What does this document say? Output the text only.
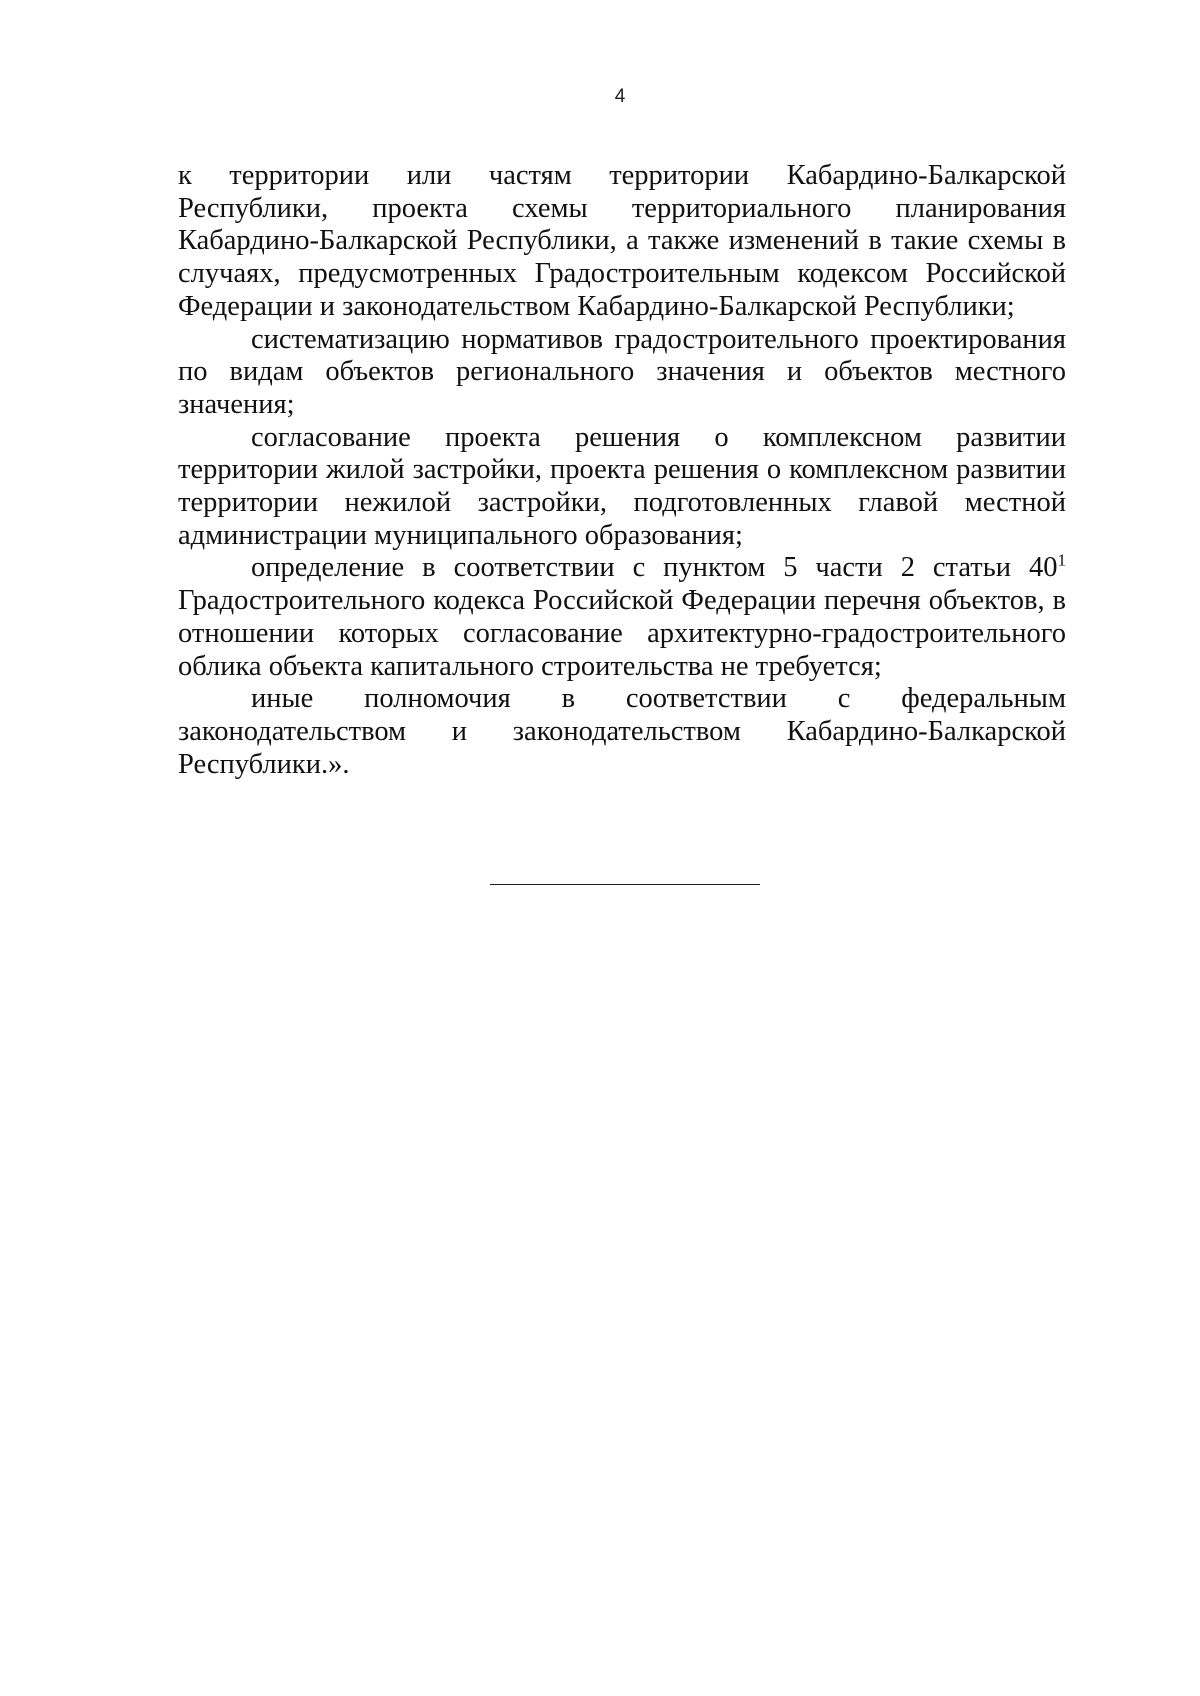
4

к территории или частям территории Кабардино-Балкарской Республики, проекта схемы территориального планирования Кабардино-Балкарской Республики, а также изменений в такие схемы в случаях, предусмотренных Градостроительным кодексом Российской Федерации и законодательством Кабардино-Балкарской Республики;

систематизацию нормативов градостроительного проектирования по видам объектов регионального значения и объектов местного значения;

согласование проекта решения о комплексном развитии территории жилой застройки, проекта решения о комплексном развитии территории нежилой застройки, подготовленных главой местной администрации муниципального образования;

определение в соответствии с пунктом 5 части 2 статьи $40^1$ Градостроительного кодекса Российской Федерации перечня объектов, в отношении которых согласование архитектурно-градостроительного облика объекта капитального строительства не требуется;

иные полномочия в соответствии с федеральным законодательством и законодательством Кабардино-Балкарской Республики.».
